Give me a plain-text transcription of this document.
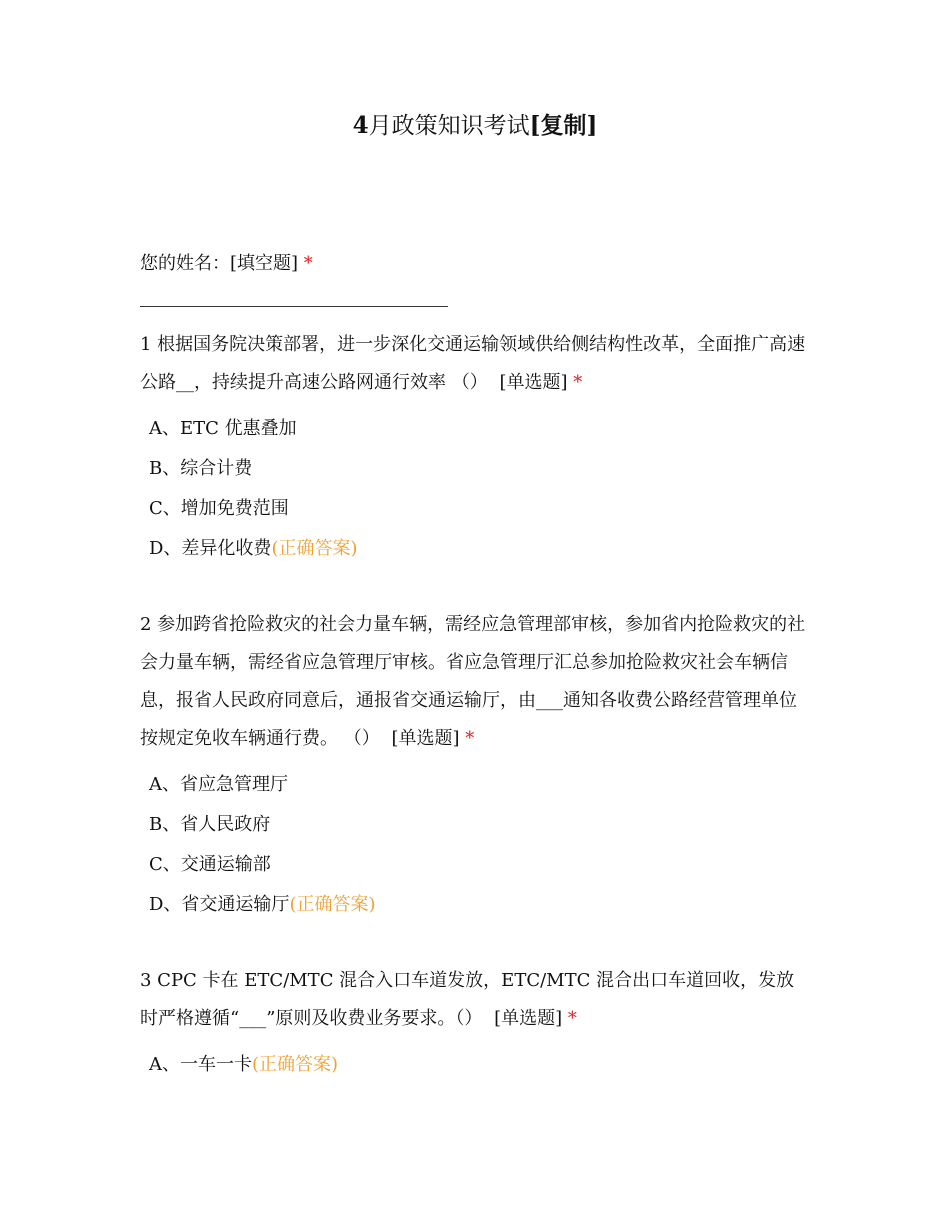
4月政策知识考试[复制]
您的姓名：[填空题] *
1 根据国务院决策部署，进一步深化交通运输领域供给侧结构性改革，全面推广高速公路__，持续提升高速公路网通行效率 （） [单选题] *
A、ETC 优惠叠加
B、综合计费
C、增加免费范围
D、差异化收费(正确答案)
2 参加跨省抢险救灾的社会力量车辆，需经应急管理部审核，参加省内抢险救灾的社会力量车辆，需经省应急管理厅审核。省应急管理厅汇总参加抢险救灾社会车辆信息，报省人民政府同意后，通报省交通运输厅，由___通知各收费公路经营管理单位按规定免收车辆通行费。 （） [单选题] *
A、省应急管理厅
B、省人民政府
C、交通运输部
D、省交通运输厅(正确答案)
3 CPC 卡在 ETC/MTC 混合入口车道发放，ETC/MTC 混合出口车道回收，发放时严格遵循“___”原则及收费业务要求。（） [单选题] *
A、一车一卡(正确答案)
